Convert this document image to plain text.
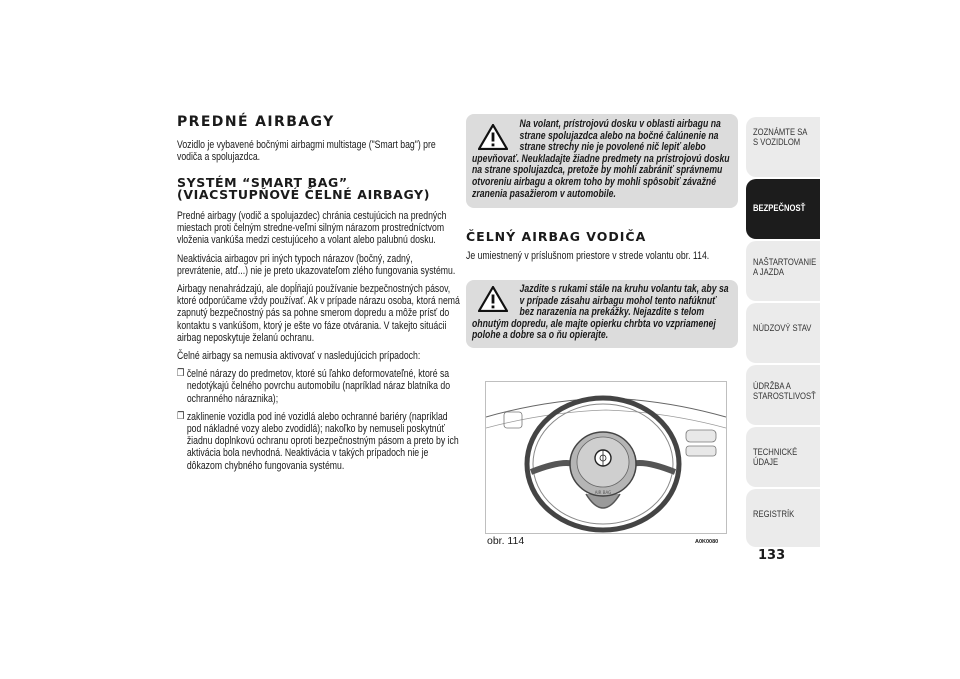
PREDNÉ AIRBAGY

Vozidlo je vybavené bočnými airbagmi multistage ("Smart bag") pre vodiča a spolujazdca.

SYSTÉM “SMART BAG”
(VIACSTUPŇOVÉ ČELNÉ AIRBAGY)

Predné airbagy (vodič a spolujazdec) chránia cestujúcich na predných miestach proti čelným stredne-veľmi silným nárazom prostredníctvom vloženia vankúša medzi cestujúceho a volant alebo palubnú dosku.

Neaktivácia airbagov pri iných typoch nárazov (bočný, zadný, prevrátenie, atď...) nie je preto ukazovateľom zlého fungovania systému.

Airbagy nenahrádzajú, ale dopĺňajú používanie bezpečnostných pásov, ktoré odporúčame vždy používať. Ak v prípade nárazu osoba, ktorá nemá zapnutý bezpečnostný pás sa pohne smerom dopredu a môže prísť do kontaktu s vankúšom, ktorý je ešte vo fáze otvárania. V takejto situácii airbag neposkytuje želanú ochranu.

Čelné airbagy sa nemusia aktivovať v nasledujúcich prípadoch:

❒ čelné nárazy do predmetov, ktoré sú ľahko deformovateľné, ktoré sa nedotýkajú čelného povrchu automobilu (napríklad náraz blatníka do ochranného náraznika);
❒ zaklinenie vozidla pod iné vozidlá alebo ochranné bariéry (napríklad pod nákladné vozy alebo zvodidlá); nakoľko by nemuseli poskytnúť žiadnu doplnkovú ochranu oproti bezpečnostným pásom a preto by ich aktivácia bola nevhodná. Neaktivácia v takých prípadoch nie je dôkazom chybného fungovania systému.
Na volant, prístrojovú dosku v oblasti airbagu na strane spolujazdca alebo na bočné čalúnenie na strane strechy nie je povolené nič lepiť alebo upevňovať. Neukladajte žiadne predmety na prístrojovú dosku na strane spolujazdca, pretože by mohli zabrániť správnemu otvoreniu airbagu a okrem toho by mohli spôsobiť závažné zranenia pasažierom v automobile.
ČELNÝ AIRBAG VODIČA

Je umiestnený v príslušnom priestore v strede volantu obr. 114.

Jazdite s rukami stále na kruhu volantu tak, aby sa v prípade zásahu airbagu mohol tento nafúknuť bez narazenia na prekážky. Nejazdite s telom ohnutým dopredu, ale majte opierku chrbta vo vzpriamenej polohe a dobre sa o ňu opierajte.
AIR BAG
obr. 114	A0K0080
ZOZNÁMTE SA S VOZIDLOM
BEZPEČNOSŤ
NAŠTARTOVANIE A JAZDA
NÚDZOVÝ STAV
ÚDRŽBA A STAROSTLIVOSŤ
TECHNICKÉ ÚDAJE
REGISTRÍK
133
